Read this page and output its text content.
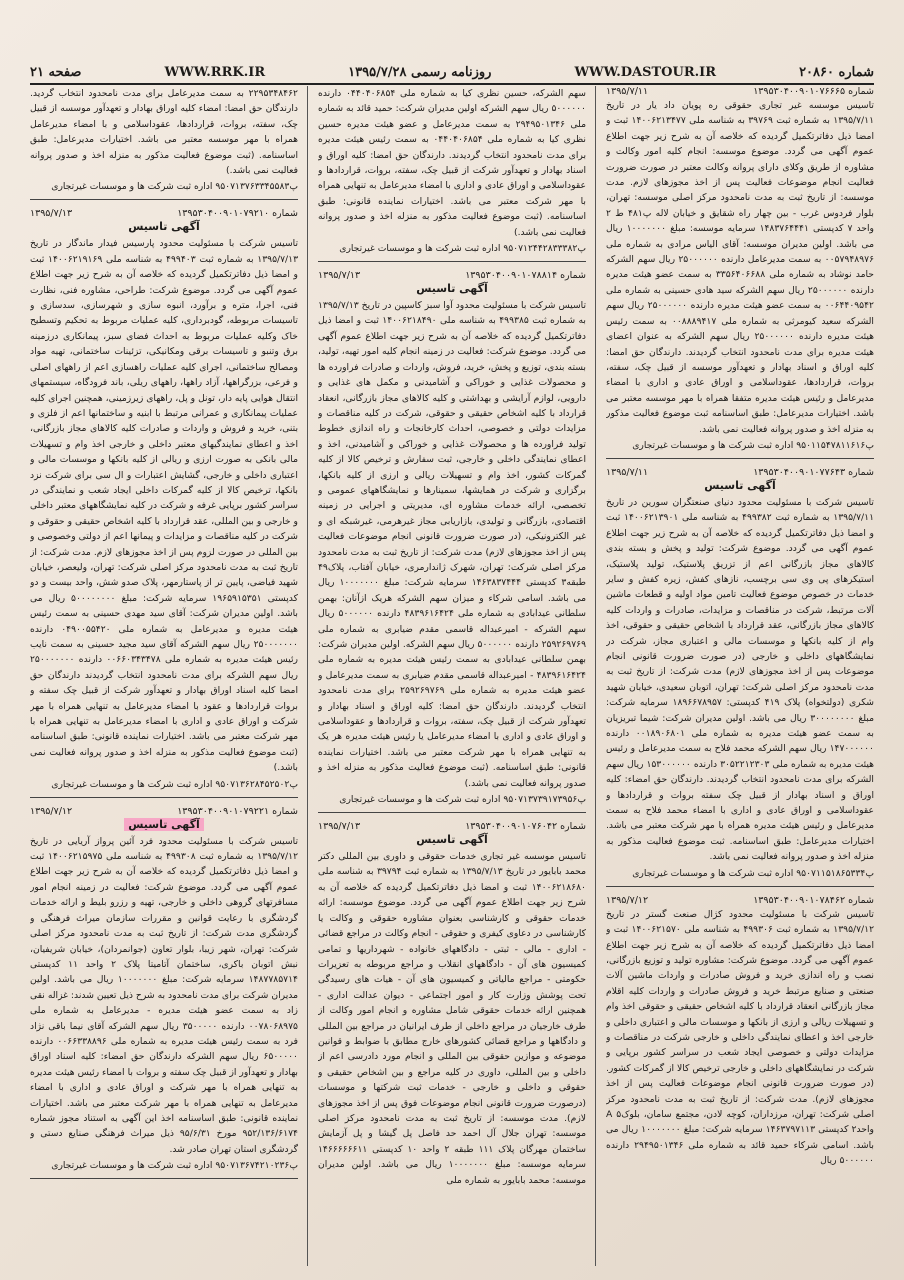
صفحه ۲۱	WWW.RRK.IR	روزنامه رسمی ۱۳۹۵/۷/۲۸	WWW.DASTOUR.IR	شماره ۲۰۸۶۰
شماره ۱۳۹۵۳۰۴۰۰۹۰۱۰۷۶۶۶۵
۱۳۹۵/۷/۱۱

تاسیس موسسه غیر تجاری حقوقی ره پویان داد یار در تاریخ ۱۳۹۵/۷/۱۱ به شماره ثبت ۳۹۷۶۹ به شناسه ملی ۱۴۰۰۶۲۱۳۴۷۷ ثبت و امضا ذیل دفاترتکمیل گردیده که خلاصه آن به شرح زیر جهت اطلاع عموم آگهی می گردد. موضوع موسسه: انجام کلیه امور وکالت و مشاوره از طریق وکلای دارای پروانه وکالت معتبر در صورت ضرورت فعالیت انجام موضوعات فعالیت پس از اخذ مجوزهای لازم. مدت موسسه: از تاریخ ثبت به مدت نامحدود مرکز اصلی موسسه: تهران، بلوار فردوس غرب - بین چهار راه شقایق و خیابان لاله پ۴۸۱ ط ۲ واحد ۷ کدپستی ۱۴۸۳۷۶۴۴۴۱ سرمایه موسسه: مبلغ ۱۰۰۰۰۰۰۰ ریال می باشد. اولین مدیران موسسه: آقای الیاس مرادی به شماره ملی ۰۰۵۷۹۴۸۹۷۶ به سمت مدیرعامل دارنده ۲۵۰۰۰۰۰۰ ریال سهم الشرکه حامد نوشاد به شماره ملی ۳۳۵۶۴۰۶۶۸۸ به سمت عضو هیئت مدیره دارنده ۲۵۰۰۰۰۰۰ ریال سهم الشرکه سید هادی حسینی به شماره ملی ۰۰۶۴۴۰۹۵۴۲ به سمت عضو هیئت مدیره دارنده ۲۵۰۰۰۰۰۰ ریال سهم الشرکه سعید کیومرثی به شماره ملی ۰۰۸۸۸۹۴۱۷ به سمت رئیس هیئت مدیره دارنده ۲۵۰۰۰۰۰۰ ریال سهم الشرکه به عنوان اعضای هیئت مدیره برای مدت نامحدود انتخاب گردیدند. دارندگان حق امضا: کلیه اوراق و اسناد بهادار و تعهدآور موسسه از قبیل چک، سفته، بروات، قراردادها، عقوداسلامی و اوراق عادی و اداری با امضاء مدیرعامل و رئیس هیئت مدیره متفقا همراه با مهر موسسه معتبر می باشد. اختیارات مدیرعامل: طبق اساسنامه ثبت موضوع فعالیت مذکور به منزله اخذ و صدور پروانه فعالیت نمی باشد.

پ۹۵۰۱۱۵۴۷۸۱۱۶۱۶ اداره ثبت شرکت ها و موسسات غیرتجاری
شماره ۱۳۹۵۳۰۴۰۰۹۰۱۰۷۷۶۴۳
۱۳۹۵/۷/۱۱
آگهی تاسیس

تاسیس شرکت با مسئولیت محدود دنیای صنعتگران سورین در تاریخ ۱۳۹۵/۷/۱۱ به شماره ثبت ۴۹۹۳۸۲ به شناسه ملی ۱۴۰۰۶۲۱۳۹۰۱ ثبت و امضا ذیل دفاترتکمیل گردیده که خلاصه آن به شرح زیر جهت اطلاع عموم آگهی می گردد. موضوع شرکت: تولید و پخش و بسته بندی کالاهای مجاز بازرگانی اعم از تزریق پلاستیک، تولید پلاستیک، استیکرهای پی وی سی برچسب، نازهای کفش، زیره کفش و سایر خدمات در خصوص موضوع فعالیت تامین مواد اولیه و قطعات ماشین آلات مرتبط، شرکت در مناقصات و مزایدات، صادرات و واردات کلیه کالاهای مجاز بازرگانی، عقد قرارداد با اشخاص حقیقی و حقوقی، اخذ وام از کلیه بانکها و موسسات مالی و اعتباری مجاز، شرکت در نمایشگاههای داخلی و خارجی (در صورت ضرورت قانونی انجام موضوعات پس از اخذ مجوزهای لازم) مدت شرکت: از تاریخ ثبت به مدت نامحدود مرکز اصلی شرکت: تهران، اتوبان سعیدی، خیابان شهید شکری (دولتخواه) پلاک ۴۱۹ کدپستی: ۱۸۹۶۶۷۸۹۵۷ سرمایه شرکت: مبلغ ۳۰۰۰۰۰۰۰۰ ریال می باشد. اولین مدیران شرکت: شیما تبریزیان به سمت عضو هیئت مدیره به شماره ملی ۰۰۱۸۹۰۶۸۰۱ دارنده ۱۴۷۰۰۰۰۰۰ ریال سهم الشرکه محمد فلاح به سمت مدیرعامل و رئیس هیئت مدیره به شماره ملی ۳۰۵۲۲۱۲۳۰۳ دارنده ۱۵۳۰۰۰۰۰۰ ریال سهم الشرکه برای مدت نامحدود انتخاب گردیدند. دارندگان حق امضاء: کلیه اوراق و اسناد بهادار از قبیل چک سفته بروات و قراردادها و عقوداسلامی و اوراق عادی و اداری با امضاء محمد فلاح به سمت مدیرعامل و رئیس هیئت مدیره همراه با مهر شرکت معتبر می باشد. اختیارات مدیرعامل: طبق اساسنامه. ثبت موضوع فعالیت مذکور به منزله اخذ و صدور پروانه فعالیت نمی باشد.

پ۹۵۰۷۱۱۵۱۸۶۵۳۳۴ اداره ثبت شرکت ها و موسسات غیرتجاری
شماره ۱۳۹۵۳۰۴۰۰۹۰۱۰۷۸۴۶۲
۱۳۹۵/۷/۱۲

تاسیس شرکت با مسئولیت محدود کژال صنعت گستر در تاریخ ۱۳۹۵/۷/۱۲ به شماره ثبت ۴۹۹۳۰۶ به شناسه ملی ۱۴۰۰۶۲۱۵۷۰ ثبت و امضا ذیل دفاترتکمیل گردیده که خلاصه آن به شرح زیر جهت اطلاع عموم آگهی می گردد. موضوع شرکت: مشاوره تولید و توزیع بازرگانی، نصب و راه اندازی خرید و فروش صادرات و واردات ماشین آلات صنعتی و صنایع مرتبط خرید و فروش صادرات و واردات کلیه اقلام مجاز بازرگانی انعقاد قرارداد با کلیه اشخاص حقیقی و حقوقی اخذ وام و تسهیلات ریالی و ارزی از بانکها و موسسات مالی و اعتباری داخلی و خارجی اخذ و اعطای نمایندگی داخلی و خارجی شرکت در مناقصات و مزایدات دولتی و خصوصی ایجاد شعب در سراسر کشور برپایی و شرکت در نمایشگاههای داخلی و خارجی ترخیص کالا از گمرکات کشور.(در صورت ضرورت قانونی انجام موضوعات فعالیت پس از اخذ مجوزهای لازم). مدت شرکت: از تاریخ ثبت به مدت نامحدود مرکز اصلی شرکت: تهران، مرزداران، کوچه لادن، مجتمع سامان، بلوک۵ A واحد۲ کدپستی ۱۴۶۳۷۹۷۱۱۳ سرمایه شرکت: مبلغ ۱۰۰۰۰۰۰۰ ریال می باشد. اسامی شرکاء حمید قائد به شماره ملی ۲۹۴۹۵۰۱۳۴۶ دارنده ۵۰۰۰۰۰۰ ریال

سهم الشرکه، حسین نظری کیا به شماره ملی ۰۴۴۰۴۰۶۸۵۴ دارنده ۵۰۰۰۰۰۰ ریال سهم الشرکه اولین مدیران شرکت: حمید قائد به شماره ملی ۲۹۴۹۵۰۱۳۴۶ به سمت مدیرعامل و عضو هیئت مدیره حسین نظری کیا به شماره ملی ۰۴۴۰۴۰۶۸۵۴ به سمت رئیس هیئت مدیره برای مدت نامحدود انتخاب گردیدند. دارندگان حق امضا: کلیه اوراق و اسناد بهادار و تعهدآور شرکت از قبیل چک، سفته، بروات، قراردادها و عقوداسلامی و اوراق عادی و اداری با امضاء مدیرعامل به تنهایی همراه با مهر شرکت معتبر می باشد. اختیارات نماینده قانونی: طبق اساسنامه. (ثبت موضوع فعالیت مذکور به منزله اخذ و صدور پروانه فعالیت نمی باشد.)

پ۹۵۰۷۱۲۴۴۲۸۳۳۳۸۲ اداره ثبت شرکت ها و موسسات غیرتجاری
شماره ۱۳۹۵۳۰۴۰۰۹۰۱۰۷۸۸۱۴
۱۳۹۵/۷/۱۳
آگهی تاسیس

تاسیس شرکت با مسئولیت محدود آوا سبز کاسپین در تاریخ ۱۳۹۵/۷/۱۳ به شماره ثبت ۴۹۹۳۸۵ به شناسه ملی ۱۴۰۰۶۲۱۸۴۹۰ ثبت و امضا ذیل دفاترتکمیل گردیده که خلاصه آن به شرح زیر جهت اطلاع عموم آگهی می گردد. موضوع شرکت: فعالیت در زمینه انجام کلیه امور تهیه، تولید، بسته بندی، توزیع و پخش، خرید، فروش، واردات و صادرات فراورده ها و محصولات غذایی و خوراکی و آشامیدنی و مکمل های غذایی و دارویی، لوازم آرایشی و بهداشتی و کلیه کالاهای مجاز بازرگانی، انعقاد قرارداد با کلیه اشخاص حقیقی و حقوقی، شرکت در کلیه مناقصات و مزایدات دولتی و خصوصی، احداث کارخانجات و راه اندازی خطوط تولید فراورده ها و محصولات غذایی و خوراکی و آشامیدنی، اخذ و اعطای نمایندگی داخلی و خارجی، ثبت سفارش و ترخیص کالا از کلیه گمرکات کشور، اخذ وام و تسهیلات ریالی و ارزی از کلیه بانکها، برگزاری و شرکت در همایشها، سمینارها و نمایشگاههای عمومی و تخصصی، ارائه خدمات مشاوره ای، مدیریتی و اجرایی در زمینه اقتصادی، بازرگانی و تولیدی، بازاریابی مجاز غیرهرمی، غیرشبکه ای و غیر الکترونیکی، (در صورت ضرورت قانونی انجام موضوعات فعالیت پس از اخذ مجوزهای لازم) مدت شرکت: از تاریخ ثبت به مدت نامحدود مرکز اصلی شرکت: تهران، شهرک ژاندارمری، خیابان آفتاب، پلاک۴۹ طبقه۳ کدپستی ۱۴۶۳۸۳۷۴۴۴ سرمایه شرکت: مبلغ ۱۰۰۰۰۰۰۰ ریال می باشد. اسامی شرکاء و میزان سهم الشرکه هریک ازآنان: بهمن سلطانی عیدابادی به شماره ملی ۴۸۳۹۶۱۶۴۲۴ دارنده ۵۰۰۰۰۰۰ ریال سهم الشرکه - امیرعبداله قاسمی مقدم ضیابری به شماره ملی ۲۵۹۲۶۹۷۶۹ دارنده ۵۰۰۰۰۰۰ ریال سهم الشرکه. اولین مدیران شرکت: بهمن سلطانی عیدابادی به سمت رئیس هیئت مدیره به شماره ملی ۴۸۳۹۶۱۶۴۲۴ - امیرعبداله قاسمی مقدم ضیابری به سمت مدیرعامل و عضو هیئت مدیره به شماره ملی ۲۵۹۲۶۹۷۶۹ برای مدت نامحدود انتخاب گردیدند. دارندگان حق امضا: کلیه اوراق و اسناد بهادار و تعهدآور شرکت از قبیل چک، سفته، بروات و قراردادها و عقوداسلامی و اوراق عادی و اداری با امضاء مدیرعامل یا رئیس هیئت مدیره هر یک به تنهایی همراه با مهر شرکت معتبر می باشد. اختیارات نماینده قانونی: طبق اساسنامه. (ثبت موضوع فعالیت مذکور به منزله اخذ و صدور پروانه فعالیت نمی باشد.)

پ۹۵۰۷۱۳۷۳۹۱۷۳۹۵۶ اداره ثبت شرکت ها و موسسات غیرتجاری
شماره ۱۳۹۵۳۰۴۰۰۹۰۱۰۷۶۰۴۲
۱۳۹۵/۷/۱۳
آگهی تاسیس

تاسیس موسسه غیر تجاری خدمات حقوقی و داوری بین المللی دکتر محمد بابایور در تاریخ ۱۳۹۵/۷/۱۳ به شماره ثبت ۳۹۷۹۴ به شناسه ملی ۱۴۰۰۶۲۱۸۶۸۰ ثبت و امضا ذیل دفاترتکمیل گردیده که خلاصه آن به شرح زیر جهت اطلاع عموم آگهی می گردد. موضوع موسسه: ارائه خدمات حقوقی و کارشناسی بعنوان مشاوره حقوقی و وکالت یا کارشناسی در دعاوی کیفری و حقوقی - انجام وکالت در مراجع قضائی - اداری - مالی - ثبتی - دادگاههای خانواده - شهرداریها و تمامی کمیسیون های آن - دادگاههای انقلاب و مراجع مربوطه به تعزیرات حکومتی - مراجع مالیاتی و کمیسیون های آن - هیات های رسیدگی تحت پوشش وزارت کار و امور اجتماعی - دیوان عدالت اداری - همچنین ارائه خدمات حقوقی شامل مشاوره و انجام امور وکالت از طرف خارجیان در مراجع داخلی از طرف ایرانیان در مراجع بین المللی و دادگاهها و مراجع قضائی کشورهای خارج مطابق با ضوابط و قوانین موضوعه و موازین حقوقی بین المللی و انجام مورد دادرسی اعم از داخلی و بین المللی، داوری در کلیه مراجع و بین اشخاص حقیقی و حقوقی و داخلی و خارجی - خدمات ثبت شرکتها و موسسات (درصورت ضرورت قانونی انجام موضوعات فوق پس از اخذ مجوزهای لازم). مدت موسسه: از تاریخ ثبت به مدت نامحدود مرکز اصلی موسسه: تهران جلال آل احمد حد فاصل پل گیشا و پل آزمایش ساختمان مهرگان پلاک ۱۱۱ طبقه ۲ واحد ۱۰ کدپستی ۱۴۶۶۶۶۶۶۱۱ سرمایه موسسه: مبلغ ۱۰۰۰۰۰۰۰ ریال می باشد. اولین مدیران موسسه: محمد بابایور به شماره ملی

۲۲۹۵۳۴۸۴۶۲ به سمت مدیرعامل برای مدت نامحدود انتخاب گردید. دارندگان حق امضا: امضاء کلیه اوراق بهادار و تعهدآور موسسه از قبیل چک، سفته، بروات، قراردادها، عقوداسلامی و با امضاء مدیرعامل همراه با مهر موسسه معتبر می باشد. اختیارات مدیرعامل: طبق اساسنامه. (ثبت موضوع فعالیت مذکور به منزله اخذ و صدور پروانه فعالیت نمی باشد.)

پ۹۵۰۷۱۳۷۶۳۳۴۵۵۸۳ اداره ثبت شرکت ها و موسسات غیرتجاری
شماره ۱۳۹۵۳۰۴۰۰۹۰۱۰۷۹۲۱۰
۱۳۹۵/۷/۱۳
آگهی تاسیس

تاسیس شرکت با مسئولیت محدود پارسیس فیدار ماندگار در تاریخ ۱۳۹۵/۷/۱۳ به شماره ثبت ۴۹۹۴۰۳ به شناسه ملی ۱۴۰۰۶۲۱۹۱۶۹ ثبت و امضا ذیل دفاترتکمیل گردیده که خلاصه آن به شرح زیر جهت اطلاع عموم آگهی می گردد. موضوع شرکت: طراحی، مشاوره فنی، نظارت فنی، اجرا، متره و برآورد، انبوه سازی و شهرسازی، سدسازی و تاسیسات مربوطه، گودبرداری، کلیه عملیات مربوط به تحکیم وتسطیح خاک وکلیه عملیات مربوط به احداث فضای سبز، پیمانکاری درزمینه برق وتنبو و تاسیسات برقی ومکانیکی، تزئینات ساختمانی، تهیه مواد ومصالح ساختمانی، اجرای کلیه عملیات راهسازی اعم از راههای اصلی و فرعی، بزرگراهها، آزاد راهها، راههای ریلی، باند فرودگاه، سیستمهای انتقال هوایی پایه دار، تونل و پل، راههای زیرزمینی، همچنین اجرای کلیه عملیات پیمانکاری و عمرانی مرتبط با ابنیه و ساختمانها اعم از فلزی و بتنی، خرید و فروش و واردات و صادرات کلیه کالاهای مجاز بازرگانی، اخذ و اعطای نمایندگیهای معتبر داخلی و خارجی اخذ وام و تسهیلات مالی بانکی به صورت ارزی و ریالی از کلیه بانکها و موسسات مالی و اعتباری داخلی و خارجی، گشایش اعتبارات و ال سی برای شرکت نزد بانکها، ترخیص کالا از کلیه گمرکات داخلی ایجاد شعب و نمایندگی در سراسر کشور برپایی غرفه و شرکت در کلیه نمایشگاههای معتبر داخلی و خارجی و بین المللی، عقد قرارداد با کلیه اشخاص حقیقی و حقوقی و شرکت در کلیه مناقصات و مزایدات و پیمانها اعم از دولتی وخصوصی و بین المللی در صورت لزوم پس از اخذ مجوزهای لازم. مدت شرکت: از تاریخ ثبت به مدت نامحدود مرکز اصلی شرکت: تهران، ولیعصر، خیابان شهید فیاضی، پایین تر از پاستارمهر، پلاک صدو شش، واحد بیست و دو کدپستی ۱۹۶۵۹۱۵۳۵۱ سرمایه شرکت: مبلغ ۵۰۰۰۰۰۰۰۰ ریال می باشد. اولین مدیران شرکت: آقای سید مهدی حسینی به سمت رئیس هیئت مدیره و مدیرعامل به شماره ملی ۰۴۹۰۰۵۵۴۲۰ دارنده ۲۵۰۰۰۰۰۰۰ ریال سهم الشرکه آقای سید مجید حسینی به سمت نایب رئیس هیئت مدیره به شماره ملی ۰۰۶۶۰۳۴۳۴۷۸ دارنده ۲۵۰۰۰۰۰۰۰ ریال سهم الشرکه برای مدت نامحدود انتخاب گردیدند دارندگان حق امضا کلیه اسناد اوراق بهادار و تعهدآور شرکت از قبیل چک سفته و بروات قراردادها و عقود با امضاء مدیرعامل به تنهایی همراه با مهر شرکت و اوراق عادی و اداری با امضاء مدیرعامل به تنهایی همراه با مهر شرکت معتبر می باشد. اختیارات نماینده قانونی: طبق اساسنامه (ثبت موضوع فعالیت مذکور به منزله اخذ و صدور پروانه فعالیت نمی باشد.)

پ۹۵۰۷۱۳۶۲۸۴۵۲۵۰۲ اداره ثبت شرکت ها و موسسات غیرتجاری
شماره ۱۳۹۵۳۰۴۰۰۹۰۱۰۷۹۲۲۱
۱۳۹۵/۷/۱۲
آگهی تاسیس

تاسیس شرکت با مسئولیت محدود فرد آئین پرواز آریایی در تاریخ ۱۳۹۵/۷/۱۲ به شماره ثبت ۴۹۹۳۰۸ به شناسه ملی ۱۴۰۰۶۲۱۵۹۷۵ ثبت و امضا ذیل دفاترتکمیل گردیده که خلاصه آن به شرح زیر جهت اطلاع عموم آگهی می گردد. موضوع شرکت: فعالیت در زمینه انجام امور مسافرتهای گروهی داخلی و خارجی، تهیه و رزرو بلیط و ارائه خدمات گردشگری با رعایت قوانین و مقررات سازمان میراث فرهنگی و گردشگری مدت شرکت: از تاریخ ثبت به مدت نامحدود مرکز اصلی شرکت: تهران، شهر زیبا، بلوار تعاون (جوانمردان)، خیابان شریفیان، نبش اتوبان باکری، ساختمان آتامیتا پلاک ۲ واحد ۱۱ کدپستی ۱۴۸۷۷۸۵۷۱۴ سرمایه شرکت: مبلغ ۱۰۰۰۰۰۰۰ ریال می باشد. اولین مدیران شرکت برای مدت نامحدود به شرح ذیل تعیین شدند: غزاله نقی زاد به سمت عضو هیئت مدیره - مدیرعامل به شماره ملی ۰۰۷۸۰۶۸۹۷۵ دارنده ۳۵۰۰۰۰۰ ریال سهم الشرکه آقای نیما باقی نژاد فرد به سمت رئیس هیئت مدیره به شماره ملی ۰۰۶۶۳۳۸۸۹۶ دارنده ۶۵۰۰۰۰۰ ریال سهم الشرکه دارندگان حق امضاء: کلیه اسناد اوراق بهادار و تعهدآور از قبیل چک سفته و بروات با امضاء رئیس هیئت مدیره به تنهایی همراه با مهر شرکت و اوراق عادی و اداری با امضاء مدیرعامل به تنهایی همراه با مهر شرکت معتبر می باشد. اختیارات نماینده قانونی: طبق اساسنامه اخذ این آگهی به استناد مجوز شماره ۹۵۲/۱۳۶/۶۱۷۴ مورخ ۹۵/۶/۳۱ ذیل میراث فرهنگی صنایع دستی و گردشگری استان تهران صادر شد.

پ۹۵۰۷۱۳۶۷۴۲۱۰۲۳۶ اداره ثبت شرکت ها و موسسات غیرتجاری
